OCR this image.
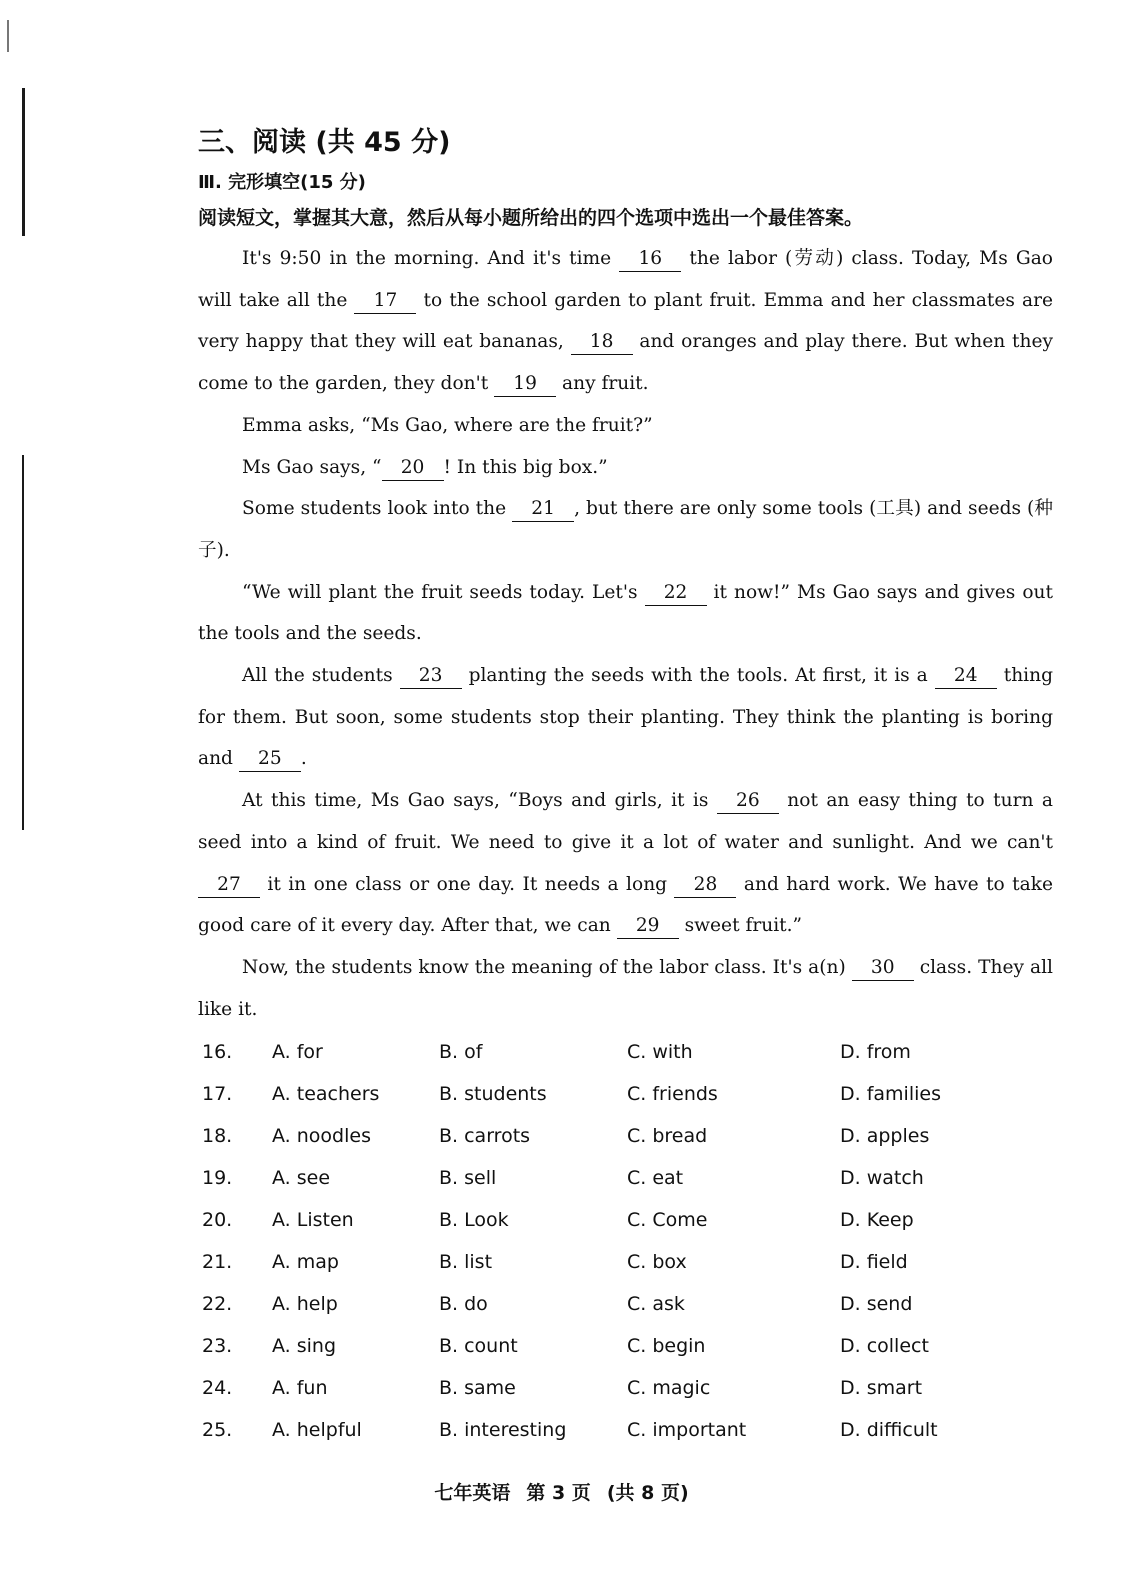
三、阅读 (共 45 分)
Ⅲ. 完形填空(15 分)
阅读短文，掌握其大意，然后从每小题所给出的四个选项中选出一个最佳答案。

It's 9:50 in the morning. And it's time 16 the labor (劳动) class. Today, Ms Gao will take all the 17 to the school garden to plant fruit. Emma and her classmates are very happy that they will eat bananas, 18 and oranges and play there. But when they come to the garden, they don't 19 any fruit.

Emma asks, “Ms Gao, where are the fruit?”

Ms Gao says, “ 20 ! In this big box.”

Some students look into the 21 , but there are only some tools (工具) and seeds (种子).

“We will plant the fruit seeds today. Let's 22 it now!” Ms Gao says and gives out the tools and the seeds.

All the students 23 planting the seeds with the tools. At first, it is a 24 thing for them. But soon, some students stop their planting. They think the planting is boring and 25 .

At this time, Ms Gao says, “Boys and girls, it is 26 not an easy thing to turn a seed into a kind of fruit. We need to give it a lot of water and sunlight. And we can't 27 it in one class or one day. It needs a long 28 and hard work. We have to take good care of it every day. After that, we can 29 sweet fruit.”

Now, the students know the meaning of the labor class. It's a(n) 30 class. They all like it.

16. A. for	B. of	C. with	D. from
17. A. teachers	B. students	C. friends	D. families
18. A. noodles	B. carrots	C. bread	D. apples
19. A. see	B. sell	C. eat	D. watch
20. A. Listen	B. Look	C. Come	D. Keep
21. A. map	B. list	C. box	D. field
22. A. help	B. do	C. ask	D. send
23. A. sing	B. count	C. begin	D. collect
24. A. fun	B. same	C. magic	D. smart
25. A. helpful	B. interesting	C. important	D. difficult
七年英语 第 3 页 (共 8 页)
